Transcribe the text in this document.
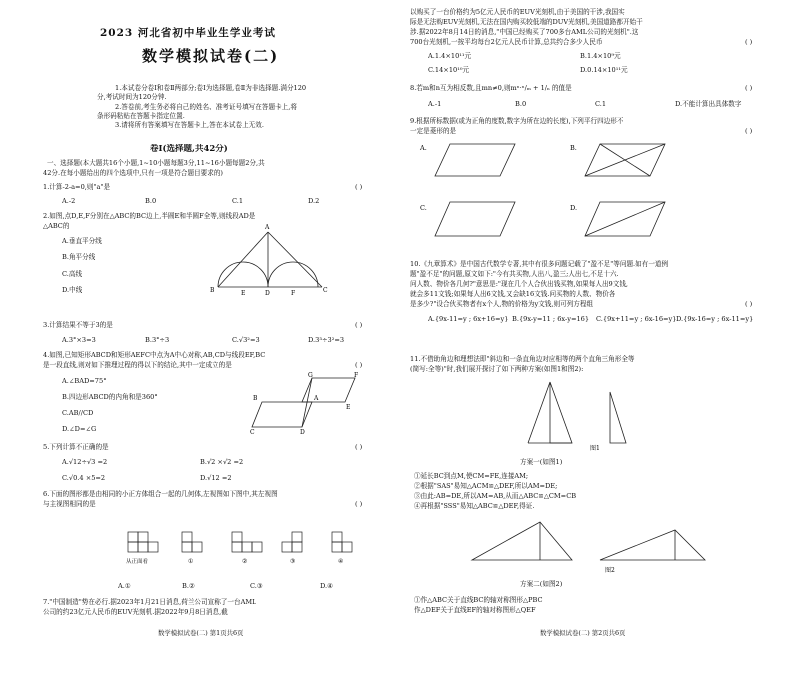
2023 河北省初中毕业生学业考试
数学模拟试卷(二)
1.本试卷分卷Ⅰ和卷Ⅱ两部分;卷Ⅰ为选择题,卷Ⅱ为非选择题.满分120
分,考试时间为120分钟.
2.答卷前,考生务必将自己的姓名、准考证号填写在答题卡上,将
条形码粘贴在答题卡指定位置.
3.请将所有答案填写在答题卡上,答在本试卷上无效.
卷Ⅰ(选择题,共42分)
一、选择题(本大题共16个小题,1~10小题每题3分,11~16小题每题2分,共
42分.在每小题给出的四个选项中,只有一项是符合题目要求的)
1.计算-2-a=0,则"a"是	( )
A.-2	B.0	C.1	D.2
2.如图,点D,E,F分别在△ABC的BC边上,半圆E和半圆F全等,则线段AD是
△ABC的
A.垂直平分线
B.角平分线
C.高线
D.中线
A
B	E	D	F	C
3.计算结果不等于3的是	( )
A.3°×3=3	B.3°÷3	C.√3²=3	D.3³÷3²=3
4.如图,已知矩形ABCD和矩形AEFC中点为A中心对称,AB,CD与线段EF,BC
是一段直线,则对如下推理过程的得以下的结论,其中一定成立的是	( )
A.∠BAD=75°
B.四边形ABCD的内角和是360°
C.AB//CD
D.∠D=∠G
B	A
G	F
E
C	D
5.下列计算不正确的是	( )
A.√12÷√3 =2	B.√2 ×√2 =2
C.√0.4 ×5=2	D.√12 =2
6.下面的图形都是由相同的小正方体组合一起的几何体,左视图如下图中,其左视图
与主视图相同的是	( )
从正面看	①	②	③	④
A.①	B.②	C.③	D.④
7."中国制造"势在必行.据2023年1月21日消息,荷兰公司宣称了一台AML
公司的约23亿元人民币的EUV光刻机.据2022年9月8日消息,截
数学模拟试卷(二) 第1页共6页
以购买了一台价格约为5亿元人民币的EUV光刻机,由于美国的干涉,我国实
际是无法购EUV光刻机,无法在国内购买较低端的DUV光刻机,美国道路都开始干
涉.据2022年8月14日的消息,"中国已经购买了700多台AML公司的光刻机".这
700台光刻机,一按平均每台2亿元人民币计算,总共约合多少人民币	( )
A.1.4×10¹¹元	B.1.4×10⁹元
C.14×10¹⁰元	D.0.14×10¹¹元
8.若m和n互为相反数,且mn≠0,则mⁿ·ⁿ/ₘ + 1/ₙ 的值是	( )
A.-1	B.0	C.1	D.不能计算出具体数字
9.根据所标数据(或为正角的度数,数字为所在边的长度),下列平行四边形不
一定是菱形的是	( )
A.	B.
C.	D.
10.《九章算术》是中国古代数学专著,其中有很多问题记载了"盈不足"等问题.如有一道例
题"盈不足"的问题,原文如下:"今有共买物,人出八,盈三;人出七,不足十六.
问人数、物价各几何?"意思是:"现在几个人合伙出钱买物,如果每人出9文钱,
就会多11文钱;如果每人出6文钱,又会缺16文钱.问买物的人数、物价各
是多少?"设合伙买物者有x个人,物的价格为y文钱,则可列方程组	( )
A.{9x-11=y ; 6x+16=y} B.{9x-y=11 ; 6x-y=16} C.{9x+11=y ; 6x-16=y} D.{9x-16=y ; 6x-11=y}
11.不借助角边和理想法即"斜边和一条直角边对应相等的两个直角三角形全等
(简写:全等)"时,我们展开探讨了如下两种方案(如图1和图2):
图1
方案一(如图1)
①延长BC到点M,使CM=FE,连接AM;
②根据"SAS"易知△ACM≌△DEF,所以AM=DE;
③由此:AB=DE,所以AM=AB,从而△ABC≌△CM=CB
④再根据"SSS"易知△ABC≌△DEF,得证.
图2
方案二(如图2)
①作△ABC关于直线BC的轴对称图形△PBC
作△DEF关于直线EF的轴对称图形△QEF
数学模拟试卷(二) 第2页共6页
